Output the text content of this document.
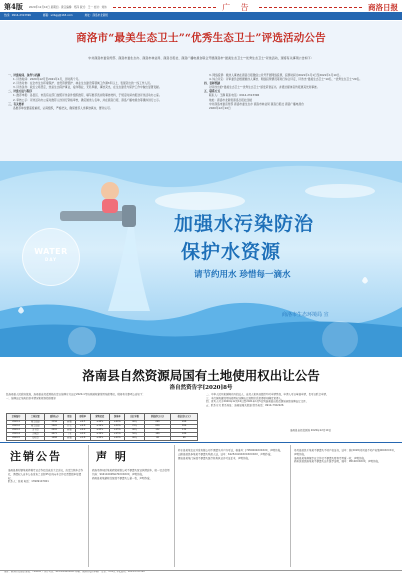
第4版 2020年12月10日 星期四 · 责任编辑：郑泽 版式：王一 校对：刘伟	广 告	商洛日报
热线：0914-2313396	邮箱：slrbgg@163.com	地址：商洛市北新街
商洛市“最美生态卫士”“优秀生态卫士”评选活动公告
中共商洛市委宣传部、商洛市委生态办、商洛市林业局、商洛日报社、商洛广播电视台联合开展商洛市“最美生态卫士”“优秀生态卫士”评选活动，现将有关事项公告如下：

一、评选时间、条件与名额

1. 评选时间：2020年12月至2021年1月，历时两个月。

2. 评选对象：在全市生态环境保护、自然资源管护、林业生态建设等领域工作满3年以上，表现突出的一线工作人员。

3. 评选条件：政治立场坚定，热爱生态保护事业，爱岗敬业，无私奉献，事迹突出，在生态建设与保护工作中做出显著贡献。

二、评选方法与程序

1. 推荐申报：各县区、市直有关部门按照评选条件组织推荐，填写推荐表并附事迹材料，于规定时间内报送评选活动办公室。

2. 审核公示：评选活动办公室对推荐人选进行资格审核，确定候选人名单，并在商洛日报、商洛广播电视台等媒体进行公示。

三、有关要求

各推荐单位要高度重视，认真组织，严格把关，确保推荐人选事迹真实，群众认可。

3. 网络投票：候选人事迹在商洛日报微信公众号开展网络投票，投票时间为2021年1月1日至2021年1月10日。

4. 综合评定：评审委员会根据候选人事迹、网络投票情况等进行综合评定，评选出“最美生态卫士”10名、“优秀生态卫士”20名。

四、表彰奖励

对评选出的“最美生态卫士”“优秀生态卫士”颁发荣誉证书，并通过媒体宣传报道其先进事迹。

五、联系方式

联系人：王静 联系电话：0914-2313396

地址：商洛市北新街商洛日报社四楼

中共商洛市委宣传部 商洛市委生态办 商洛市林业局 商洛日报社 商洛广播电视台

2020年12月10日

WATER
DAY
加强水污染防治
保护水资源
请节约用水 珍惜每一滴水
商洛市生态环境局 宣
洛南县自然资源局国有土地使用权出让公告
洛自然资告字[2020]8号

经洛南县人民政府批准，洛南县自然资源局决定以挂牌方式出让2020-1等地块国有建设用地使用权。现将有关事项公告如下：

一、挂牌出让地块的基本情况和规划指标要求

二、中华人民共和国境内外的法人、自然人和其他组织均可申请参加，申请人可以单独申请，也可以联合申请。

三、本次国有建设用地使用权挂牌出让按照价高者得原则确定竞得人。

四、竞买人可于2020年12月10日至2021年1月5日到洛南县自然资源局获取挂牌出让文件。

五、联系方式 联系地址：洛南县城关街道 联系电话：0914-7322226

宗地编号	土地位置	面积(㎡)	用途	容积率	建筑密度	绿地率	出让年限	起始价(万元)	保证金(万元)
2020-1	城关街道	3356	商服	≤2.5	≤40%	≥20%	40年	268	268
2020-2	城关街道	5820	住宅	≤2.8	≤30%	≥30%	70年	856	856
2020-3	永丰镇	2410	商服	≤2.0	≤45%	≥15%	40年	132	132
2020-4	古城镇	4675	工业	≥1.0	≥30%	≤15%	50年	186	186
2020-5	景村镇	1988	商服	≤1.8	≤40%	≥20%	40年	98	98

洛南县自然资源局 2020年12月10日

注销公告	声 明

洛南县景村镇某某养殖专业合作社经成员大会决议，决定注销本合作社，请债权人自本公告发布之日起45日内向本合作社清算组申报债权。

联系人：张某 电话：13909147001

商洛市商州区某某商贸有限公司不慎遗失营业执照副本，统一社会信用代码：91611002MA70XXXXXX，声明作废。

商南县某某建材经营部不慎遗失公章一枚，声明作废。

柞水县某某农业开发有限公司不慎遗失开户许可证，核准号：J7950000XXXXXX，声明作废。

山阳县居民李某某不慎遗失残疾人证，证号：61252419XXXXXXXXXX，声明作废。

镇安县某某门诊部不慎遗失医疗机构执业许可证正本，声明作废。

丹凤县居民王某某不慎遗失不动产权证书，证号：陕(2018)丹凤县不动产权第000XXXX号，声明作废。

洛南县某某种植专业合作社不慎遗失财务专用章一枚，声明作废。

商州区居民陈某某不慎遗失出生医学证明，编号：P610XXXXXX，声明作废。

地址：商洛市北新街 邮编：726000 广告许可证：6125004000001 印刷：商洛日报社印刷厂 定价：1.00元 本报热线：0914-2313396
